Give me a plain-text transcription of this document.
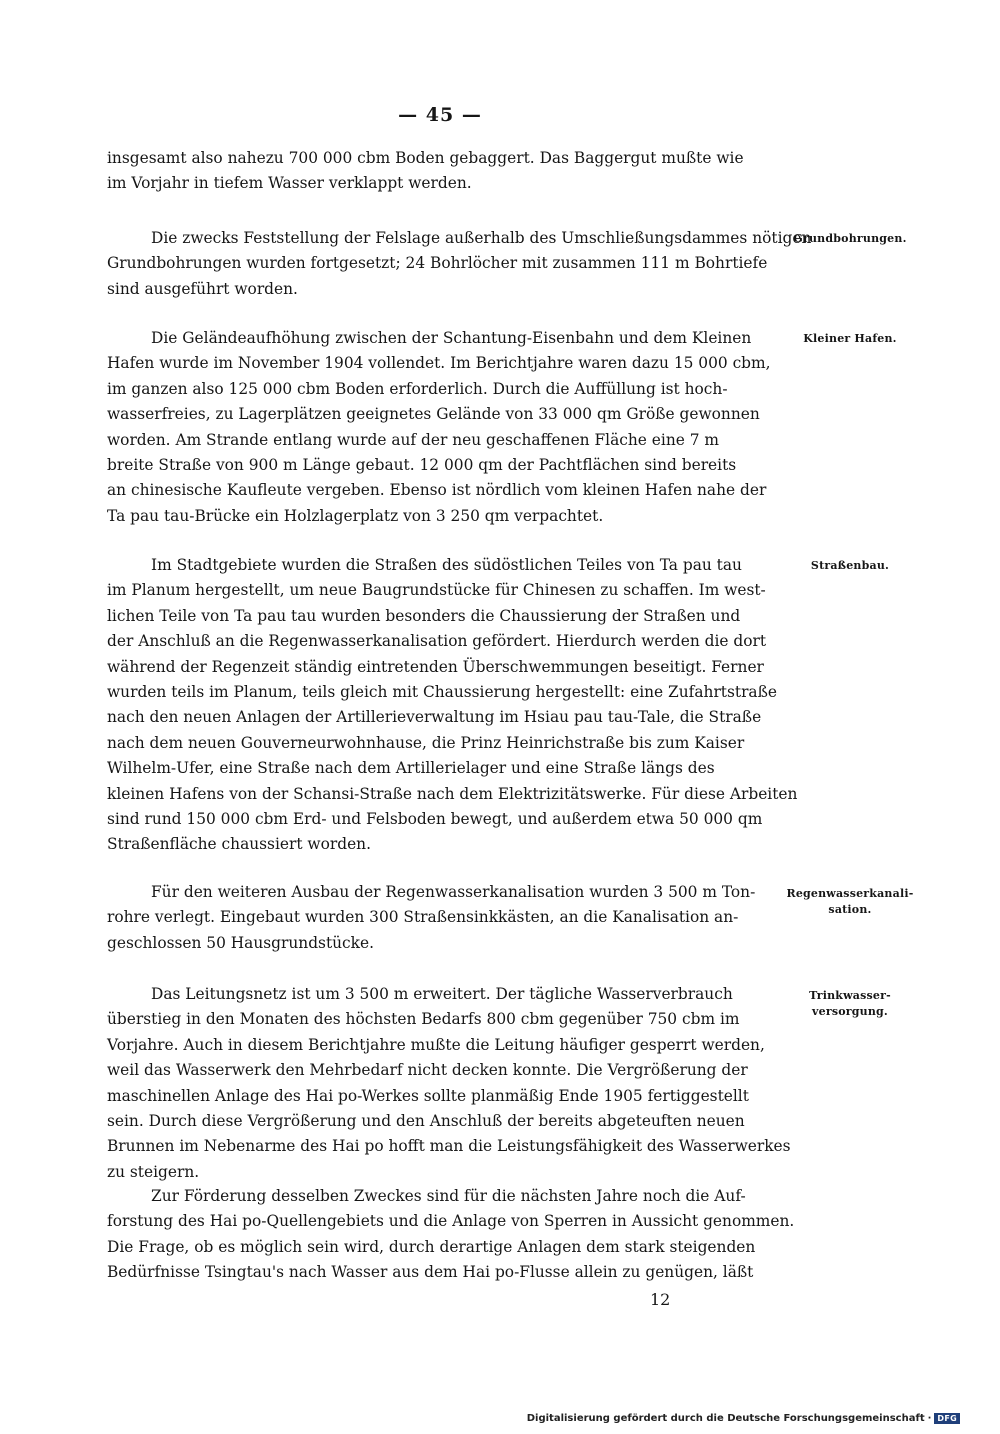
— 45 —

insgesamt also nahezu 700 000 cbm Boden gebaggert. Das Baggergut mußte wie
im Vorjahr in tiefem Wasser verklappt werden.

Die zwecks Feststellung der Felslage außerhalb des Umschließungsdammes nötigen
Grundbohrungen wurden fortgesetzt; 24 Bohrlöcher mit zusammen 111 m Bohrtiefe
sind ausgeführt worden.

Grundbohrungen.

Die Geländeaufhöhung zwischen der Schantung-Eisenbahn und dem Kleinen
Hafen wurde im November 1904 vollendet. Im Berichtjahre waren dazu 15 000 cbm,
im ganzen also 125 000 cbm Boden erforderlich. Durch die Auffüllung ist hoch-
wasserfreies, zu Lagerplätzen geeignetes Gelände von 33 000 qm Größe gewonnen
worden. Am Strande entlang wurde auf der neu geschaffenen Fläche eine 7 m
breite Straße von 900 m Länge gebaut. 12 000 qm der Pachtflächen sind bereits
an chinesische Kaufleute vergeben. Ebenso ist nördlich vom kleinen Hafen nahe der
Ta pau tau-Brücke ein Holzlagerplatz von 3 250 qm verpachtet.

Kleiner Hafen.

Im Stadtgebiete wurden die Straßen des südöstlichen Teiles von Ta pau tau
im Planum hergestellt, um neue Baugrundstücke für Chinesen zu schaffen. Im west-
lichen Teile von Ta pau tau wurden besonders die Chaussierung der Straßen und
der Anschluß an die Regenwasserkanalisation gefördert. Hierdurch werden die dort
während der Regenzeit ständig eintretenden Überschwemmungen beseitigt. Ferner
wurden teils im Planum, teils gleich mit Chaussierung hergestellt: eine Zufahrtstraße
nach den neuen Anlagen der Artillerieverwaltung im Hsiau pau tau-Tale, die Straße
nach dem neuen Gouverneurwohnhause, die Prinz Heinrichstraße bis zum Kaiser
Wilhelm-Ufer, eine Straße nach dem Artillerielager und eine Straße längs des
kleinen Hafens von der Schansi-Straße nach dem Elektrizitätswerke. Für diese Arbeiten
sind rund 150 000 cbm Erd- und Felsboden bewegt, und außerdem etwa 50 000 qm
Straßenfläche chaussiert worden.

Straßenbau.

Für den weiteren Ausbau der Regenwasserkanalisation wurden 3 500 m Ton-
rohre verlegt. Eingebaut wurden 300 Straßensinkkästen, an die Kanalisation an-
geschlossen 50 Hausgrundstücke.

Regenwasserkanali-
sation.

Das Leitungsnetz ist um 3 500 m erweitert. Der tägliche Wasserverbrauch
überstieg in den Monaten des höchsten Bedarfs 800 cbm gegenüber 750 cbm im
Vorjahre. Auch in diesem Berichtjahre mußte die Leitung häufiger gesperrt werden,
weil das Wasserwerk den Mehrbedarf nicht decken konnte. Die Vergrößerung der
maschinellen Anlage des Hai po-Werkes sollte planmäßig Ende 1905 fertiggestellt
sein. Durch diese Vergrößerung und den Anschluß der bereits abgeteuften neuen
Brunnen im Nebenarme des Hai po hofft man die Leistungsfähigkeit des Wasserwerkes
zu steigern.

Trinkwasser-
versorgung.

Zur Förderung desselben Zweckes sind für die nächsten Jahre noch die Auf-
forstung des Hai po-Quellengebiets und die Anlage von Sperren in Aussicht genommen.
Die Frage, ob es möglich sein wird, durch derartige Anlagen dem stark steigenden
Bedürfnisse Tsingtau's nach Wasser aus dem Hai po-Flusse allein zu genügen, läßt

12
Digitalisierung gefördert durch die Deutsche Forschungsgemeinschaft · DFG
